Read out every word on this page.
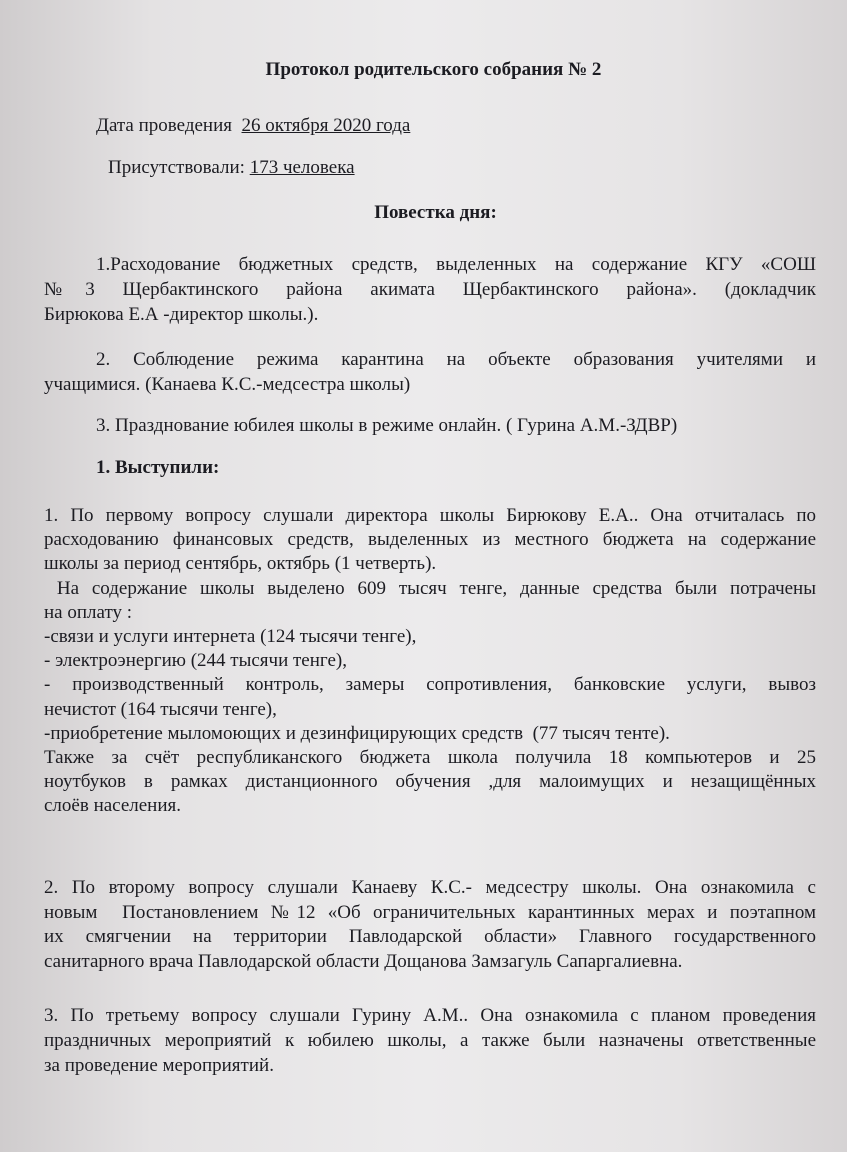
Протокол родительского собрания № 2
Дата проведения 26 октября 2020 года
Присутствовали: 173 человека
Повестка дня:
1.Расходование бюджетных средств, выделенных на содержание КГУ «СОШ
№3 Щербактинского района акимата Щербактинского района». (докладчик
Бирюкова Е.А -директор школы.).
2. Соблюдение режима карантина на объекте образования учителями и
учащимися. (Канаева К.С.-медсестра школы)
3. Празднование юбилея школы в режиме онлайн. ( Гурина А.М.-ЗДВР)
1. Выступили:
1. По первому вопросу слушали директора школы Бирюкову Е.А.. Она отчиталась по
расходованию финансовых средств, выделенных из местного бюджета на содержание
школы за период сентябрь, октябрь (1 четверть).
На содержание школы выделено 609 тысяч тенге, данные средства были потрачены
на оплату :
-связи и услуги интернета (124 тысячи тенге),
- электроэнергию (244 тысячи тенге),
- производственный контроль, замеры сопротивления, банковские услуги, вывоз
нечистот (164 тысячи тенге),
-приобретение мыломоющих и дезинфицирующих средств  (77 тысяч тенте).
Также за счёт республиканского бюджета школа получила 18 компьютеров и 25
ноутбуков в рамках дистанционного обучения ,для малоимущих и незащищённых
слоёв населения.
2. По второму вопросу слушали Канаеву К.С.- медсестру школы. Она ознакомила с
новым  Постановлением №12 «Об ограничительных карантинных мерах и поэтапном
их смягчении на территории Павлодарской области» Главного государственного
санитарного врача Павлодарской области Дощанова Замзагуль Сапаргалиевна.
3. По третьему вопросу слушали Гурину А.М.. Она ознакомила с планом проведения
праздничных мероприятий к юбилею школы, а также были назначены ответственные
за проведение мероприятий.
